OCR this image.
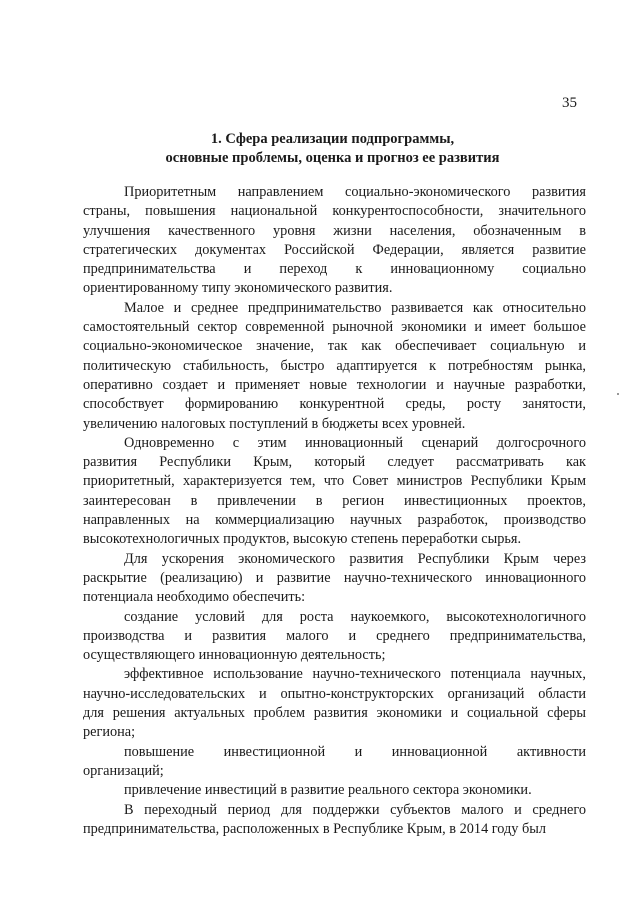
35
1. Сфера реализации подпрограммы,
основные проблемы, оценка и прогноз ее развития

Приоритетным направлением социально-экономического развития
страны, повышения национальной конкурентоспособности, значительного
улучшения качественного уровня жизни населения, обозначенным в
стратегических документах Российской Федерации, является развитие
предпринимательства и переход к инновационному социально
ориентированному типу экономического развития.

Малое и среднее предпринимательство развивается как относительно
самостоятельный сектор современной рыночной экономики и имеет большое
социально-экономическое значение, так как обеспечивает социальную и
политическую стабильность, быстро адаптируется к потребностям рынка,
оперативно создает и применяет новые технологии и научные разработки,
способствует формированию конкурентной среды, росту занятости,
увеличению налоговых поступлений в бюджеты всех уровней.

Одновременно с этим инновационный сценарий долгосрочного
развития Республики Крым, который следует рассматривать как
приоритетный, характеризуется тем, что Совет министров Республики Крым
заинтересован в привлечении в регион инвестиционных проектов,
направленных на коммерциализацию научных разработок, производство
высокотехнологичных продуктов, высокую степень переработки сырья.

Для ускорения экономического развития Республики Крым через
раскрытие (реализацию) и развитие научно-технического инновационного
потенциала необходимо обеспечить:

создание условий для роста наукоемкого, высокотехнологичного
производства и развития малого и среднего предпринимательства,
осуществляющего инновационную деятельность;

эффективное использование научно-технического потенциала научных,
научно-исследовательских и опытно-конструкторских организаций области
для решения актуальных проблем развития экономики и социальной сферы
региона;

повышение инвестиционной и инновационной активности
организаций;

привлечение инвестиций в развитие реального сектора экономики.

В переходный период для поддержки субъектов малого и среднего
предпринимательства, расположенных в Республике Крым, в 2014 году был
